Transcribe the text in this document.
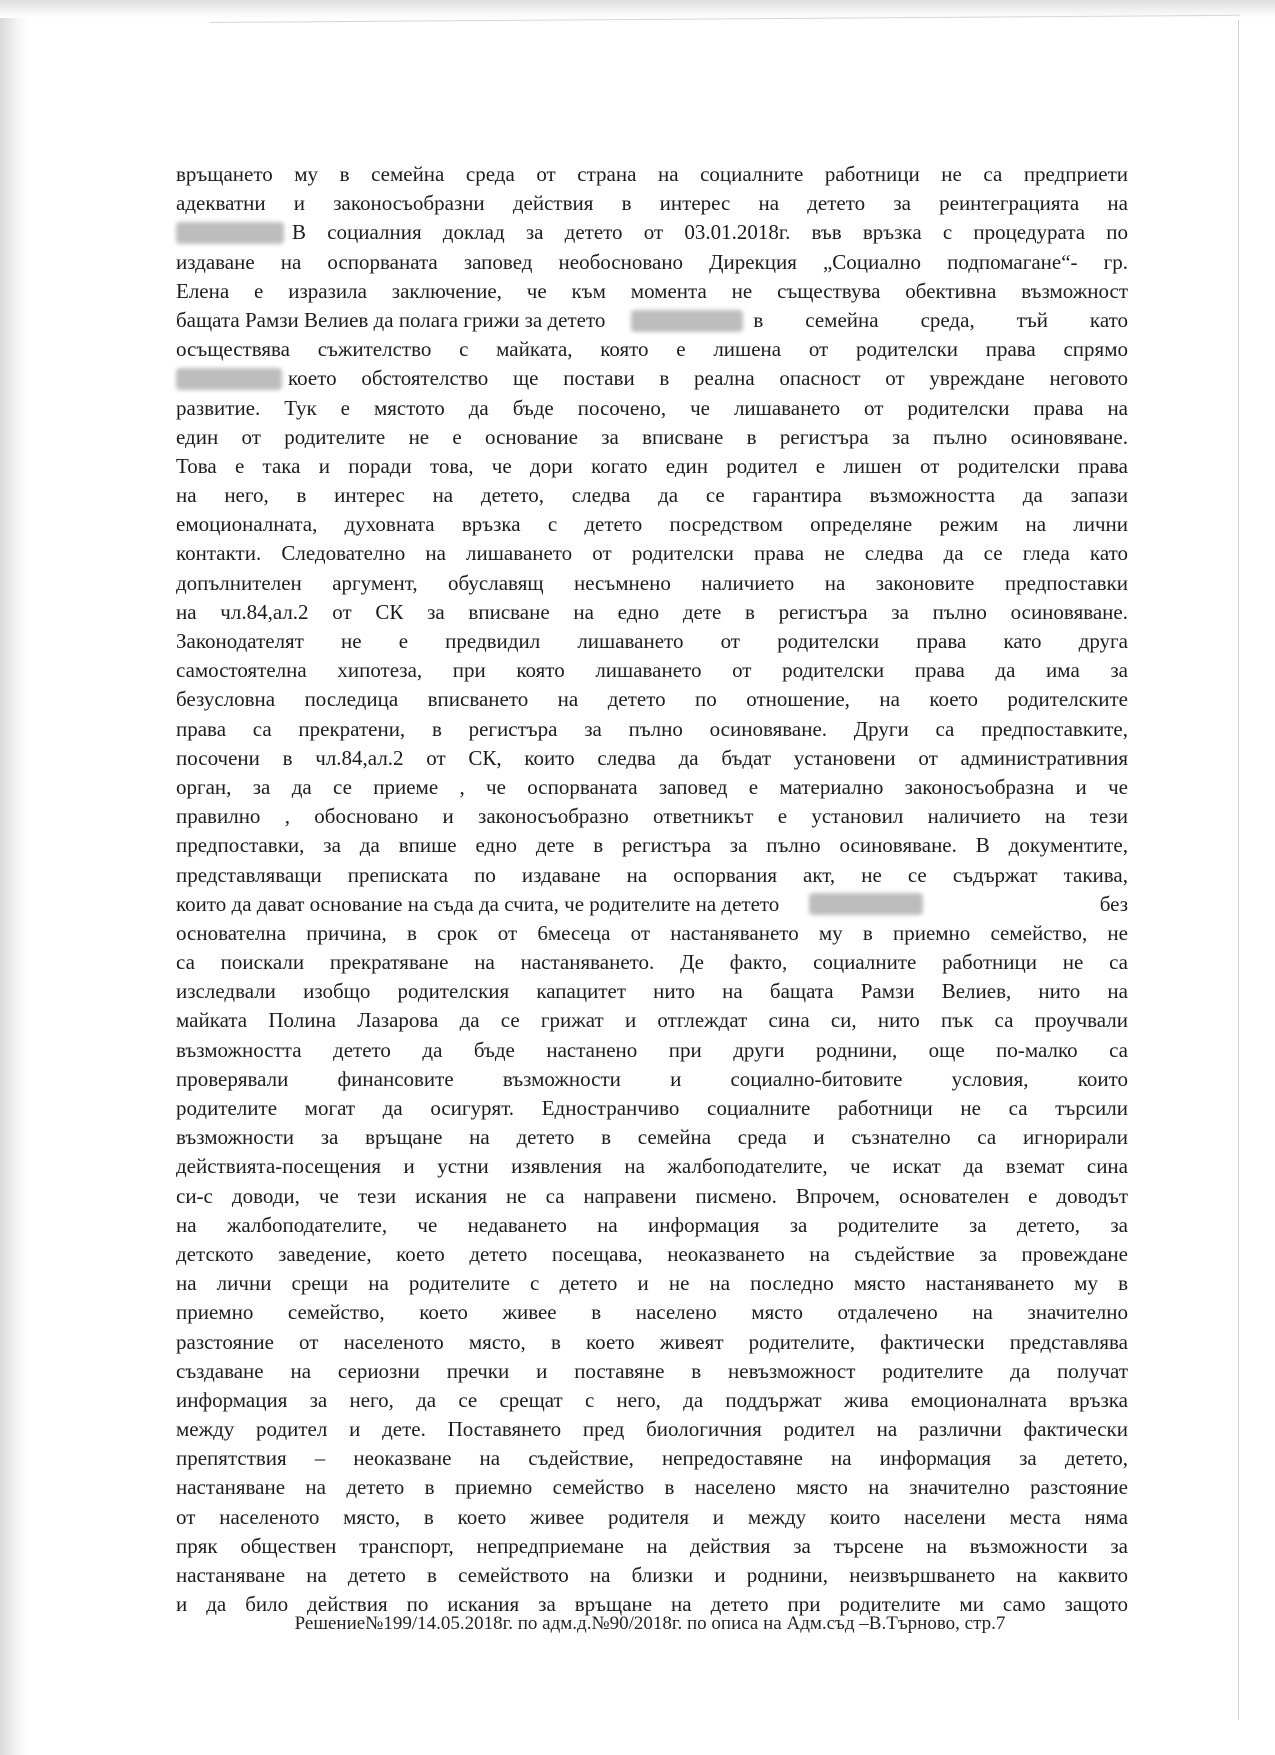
връщането му в семейна среда от страна на социалните работници не са предприети
адекватни и законосъобразни действия в интерес на детето за реинтеграцията на
В социалния доклад за детето от 03.01.2018г. във връзка с процедурата по
издаване на оспорваната заповед необосновано Дирекция „Социално подпомагане“- гр.
Елена е изразила заключение, че към момента не съществува обективна възможност
бащата Рамзи Велиев да полага грижи за детето	в семейна среда, тъй като
осъществява съжителство с майката, която е лишена от родителски права спрямо
което обстоятелство ще постави в реална опасност от увреждане неговото
развитие. Тук е мястото да бъде посочено, че лишаването от родителски права на
един от родителите не е основание за вписване в регистъра за пълно осиновяване.
Това е така и поради това, че дори когато един родител е лишен от родителски права
на него, в интерес на детето, следва да се гарантира възможността да запази
емоционалната, духовната връзка с детето посредством определяне режим на лични
контакти. Следователно на лишаването от родителски права не следва да се гледа като
допълнителен аргумент, обуславящ несъмнено наличието на законовите предпоставки
на чл.84,ал.2 от СК за вписване на едно дете в регистъра за пълно осиновяване.
Законодателят не е предвидил лишаването от родителски права като друга
самостоятелна хипотеза, при която лишаването от родителски права да има за
безусловна последица вписването на детето по отношение, на което родителските
права са прекратени, в регистъра за пълно осиновяване. Други са предпоставките,
посочени в чл.84,ал.2 от СК, които следва да бъдат установени от административния
орган, за да се приеме , че оспорваната заповед е материално законосъобразна и че
правилно , обосновано и законосъобразно ответникът е установил наличието на тези
предпоставки, за да впише едно дете в регистъра за пълно осиновяване. В документите,
представляващи преписката по издаване на оспорвания акт, не се съдържат такива,
които да дават основание на съда да счита, че родителите на детето	без
основателна причина, в срок от 6месеца от настаняването му в приемно семейство, не
са поискали прекратяване на настаняването. Де факто, социалните работници не са
изследвали изобщо родителския капацитет нито на бащата Рамзи Велиев, нито на
майката Полина Лазарова да се грижат и отглеждат сина си, нито пък са проучвали
възможността детето да бъде настанено при други роднини, още по-малко са
проверявали финансовите възможности и социално-битовите условия, които
родителите могат да осигурят. Едностранчиво социалните работници не са търсили
възможности за връщане на детето в семейна среда и съзнателно са игнорирали
действията-посещения и устни изявления на жалбоподателите, че искат да вземат сина
си-с доводи, че тези искания не са направени писмено. Впрочем, основателен е доводът
на жалбоподателите, че недаването на информация за родителите за детето, за
детското заведение, което детето посещава, неоказването на съдействие за провеждане
на лични срещи на родителите с детето и не на последно място настаняването му в
приемно семейство, което живее в населено място отдалечено на значително
разстояние от населеното място, в което живеят родителите, фактически представлява
създаване на сериозни пречки и поставяне в невъзможност родителите да получат
информация за него, да се срещат с него, да поддържат жива емоционалната връзка
между родител и дете. Поставянето пред биологичния родител на различни фактически
препятствия – неоказване на съдействие, непредоставяне на информация за детето,
настаняване на детето в приемно семейство в населено място на значително разстояние
от населеното място, в което живее родителя и между които населени места няма
пряк обществен транспорт, непредприемане на действия за търсене на възможности за
настаняване на детето в семейството на близки и роднини, неизвършването на каквито
и да било действия по искания за връщане на детето при родителите ми само защото
Решение№199/14.05.2018г. по адм.д.№90/2018г. по описа на Адм.съд –В.Търново, стр.7
